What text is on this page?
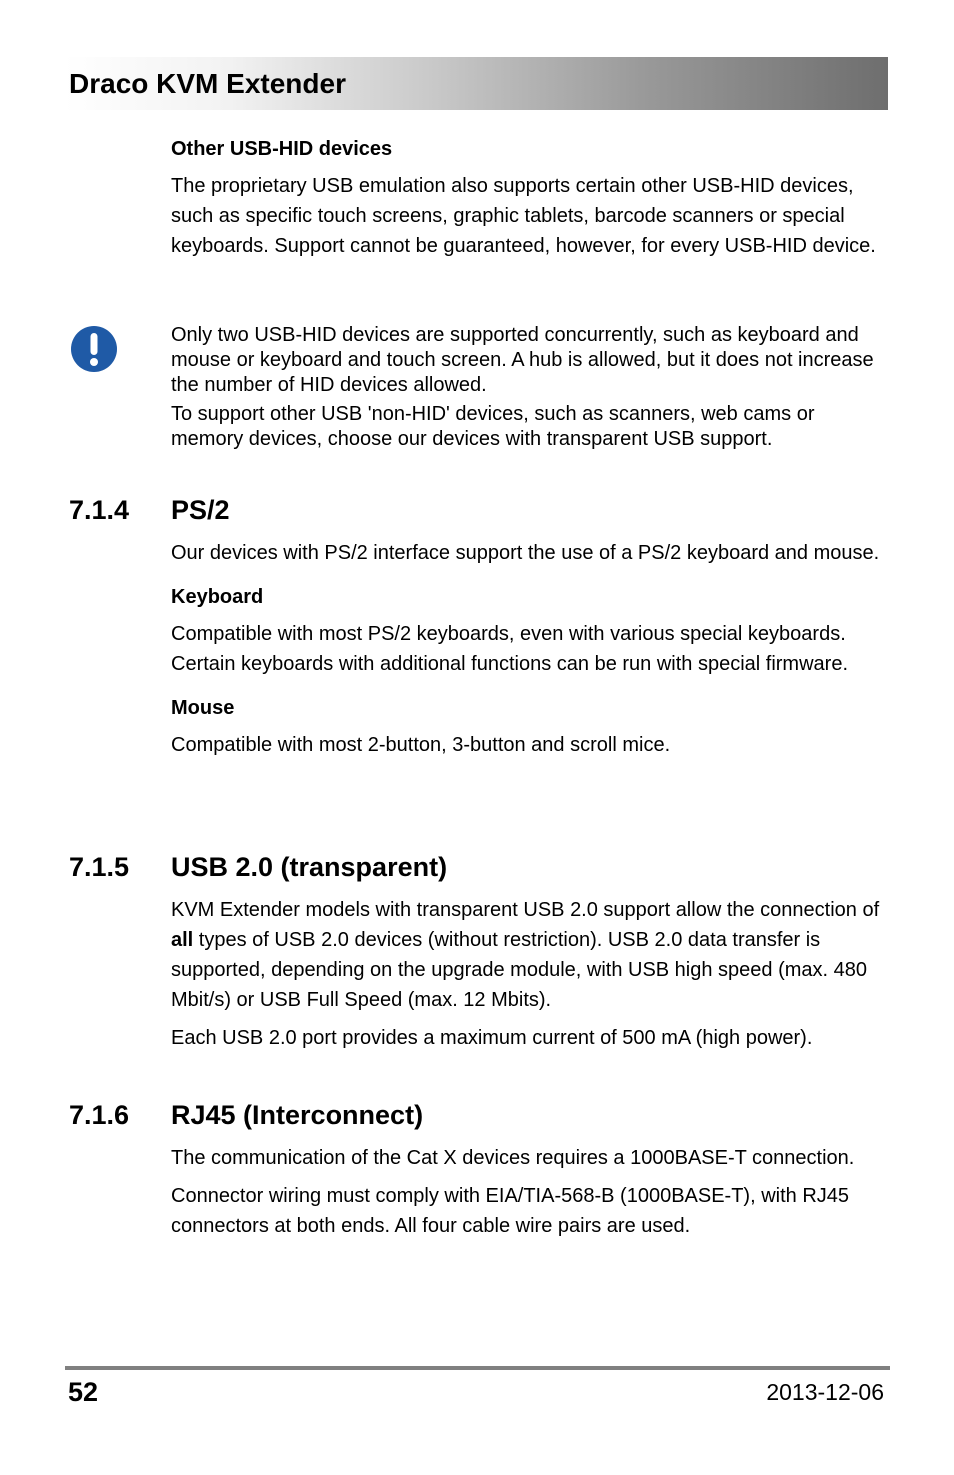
Draco KVM Extender

Other USB-HID devices

The proprietary USB emulation also supports certain other USB-HID devices, such as specific touch screens, graphic tablets, barcode scanners or special keyboards. Support cannot be guaranteed, however, for every USB-HID device.

Only two USB-HID devices are supported concurrently, such as keyboard and mouse or keyboard and touch screen. A hub is allowed, but it does not increase the number of HID devices allowed.

To support other USB 'non-HID' devices, such as scanners, web cams or memory devices, choose our devices with transparent USB support.

7.1.4 PS/2

Our devices with PS/2 interface support the use of a PS/2 keyboard and mouse.

Keyboard

Compatible with most PS/2 keyboards, even with various special keyboards. Certain keyboards with additional functions can be run with special firmware.

Mouse

Compatible with most 2-button, 3-button and scroll mice.

7.1.5 USB 2.0 (transparent)

KVM Extender models with transparent USB 2.0 support allow the connection of all types of USB 2.0 devices (without restriction). USB 2.0 data transfer is supported, depending on the upgrade module, with USB high speed (max. 480 Mbit/s) or USB Full Speed (max. 12 Mbits).

Each USB 2.0 port provides a maximum current of 500 mA (high power).

7.1.6 RJ45 (Interconnect)

The communication of the Cat X devices requires a 1000BASE-T connection.

Connector wiring must comply with EIA/TIA-568-B (1000BASE-T), with RJ45 connectors at both ends. All four cable wire pairs are used.

52	2013-12-06
